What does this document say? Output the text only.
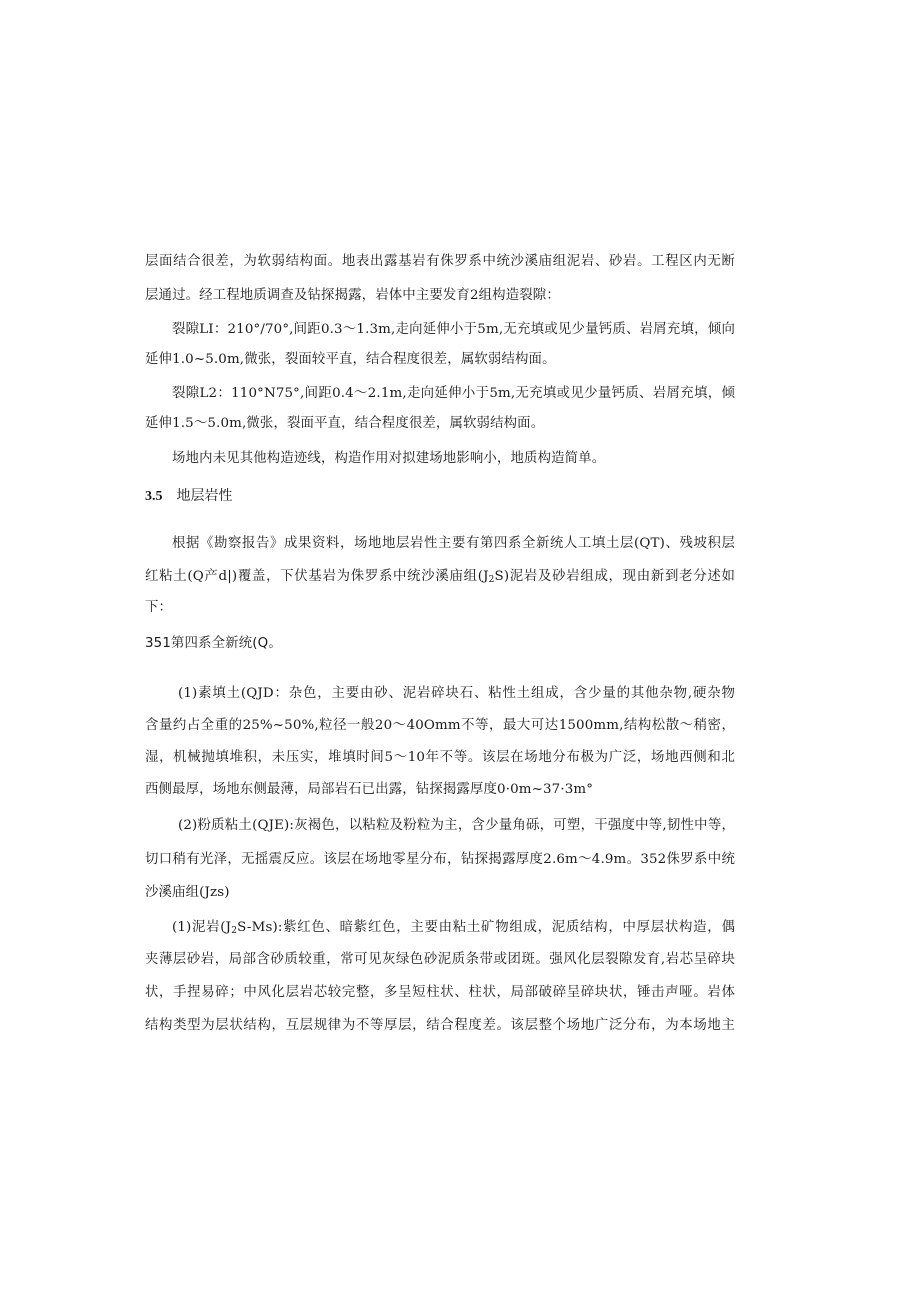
层面结合很差，为软弱结构面。地表出露基岩有侏罗系中统沙溪庙组泥岩、砂岩。工程区内无断
层通过。经工程地质调查及钻探揭露，岩体中主要发育2组构造裂隙：
裂隙LI：210°/70°,间距0.3～1.3m,走向延伸小于5m,无充填或见少量钙质、岩屑充填，倾向
延伸1.0~5.0m,微张，裂面较平直，结合程度很差，属软弱结构面。
裂隙L2：110°N75°,间距0.4～2.1m,走向延伸小于5m,无充填或见少量钙质、岩屑充填，倾
延伸1.5～5.0m,微张，裂面平直，结合程度很差，属软弱结构面。
场地内未见其他构造迹线，构造作用对拟建场地影响小，地质构造简单。
3.5 地层岩性
根据《勘察报告》成果资料，场地地层岩性主要有第四系全新统人工填土层(QT)、残坡积层
红粘土(Q产d|)覆盖，下伏基岩为侏罗系中统沙溪庙组$(J_2S)$泥岩及砂岩组成，现由新到老分述如
下：
351第四系全新统(Q。
(1)素填土(QJD：杂色，主要由砂、泥岩碎块石、粘性土组成，含少量的其他杂物,硬杂物
含量约占全重的25%~50%,粒径一般20～40Omm不等，最大可达1500mm,结构松散～稍密，
湿，机械抛填堆积，未压实，堆填时间5～10年不等。该层在场地分布极为广泛，场地西侧和北
西侧最厚，场地东侧最薄，局部岩石已出露，钻探揭露厚度0·0m~37·3m°
(2)粉质粘土(QJE):灰褐色，以粘粒及粉粒为主，含少量角砾，可塑，干强度中等,韧性中等，
切口稍有光泽，无摇震反应。该层在场地零星分布，钻探揭露厚度2.6m～4.9m。352侏罗系中统
沙溪庙组(Jzs)
(1)泥岩$(J_2S-Ms)$:紫红色、暗紫红色，主要由粘土矿物组成，泥质结构，中厚层状构造，偶
夹薄层砂岩，局部含砂质较重，常可见灰绿色砂泥质条带或团斑。强风化层裂隙发育,岩芯呈碎块
状，手捏易碎；中风化层岩芯较完整，多呈短柱状、柱状，局部破碎呈碎块状，锤击声哑。岩体
结构类型为层状结构，互层规律为不等厚层，结合程度差。该层整个场地广泛分布，为本场地主
